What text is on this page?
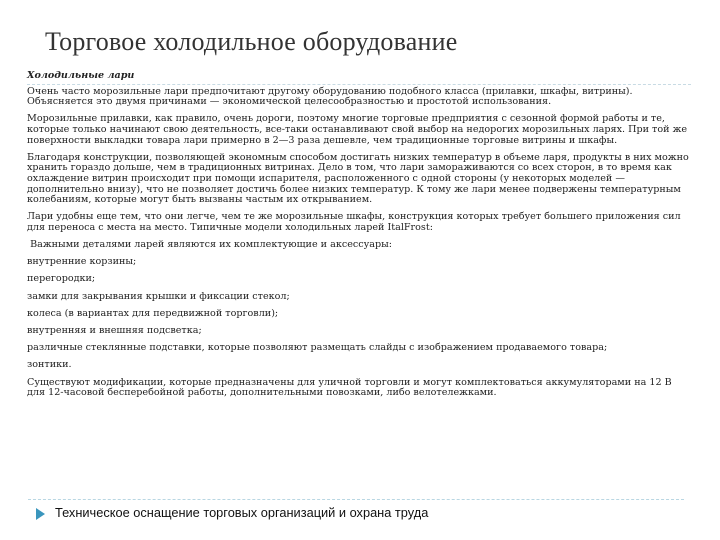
Торговое холодильное оборудование
Холодильные лари

Очень часто морозильные лари предпочитают другому оборудованию подобного класса (прилавки, шкафы, витрины). Объясняется это двумя причинами — экономической целесообразностью и простотой использования.

Морозильные прилавки, как правило, очень дороги, поэтому многие торговые предприятия с сезонной формой работы и те, которые только начинают свою деятельность, все-таки останавливают свой выбор на недорогих морозильных ларях. При той же поверхности выкладки товара лари примерно в 2—3 раза дешевле, чем традиционные торговые витрины и шкафы.

Благодаря конструкции, позволяющей экономным способом достигать низких температур в объеме ларя, продукты в них можно хранить гораздо дольше, чем в традиционных витринах. Дело в том, что лари замораживаются со всех сторон, в то время как охлаждение витрин происходит при помощи испарителя, расположенного с одной стороны (у некоторых моделей — дополнительно внизу), что не позволяет достичь более низких температур. К тому же лари менее подвержены температурным колебаниям, которые могут быть вызваны частым их открыванием.

Лари удобны еще тем, что они легче, чем те же морозильные шкафы, конструкция которых требует большего приложения сил для переноса с места на место. Типичные модели холодильных ларей ItalFrost:

Важными деталями ларей являются их комплектующие и аксессуары:

внутренние корзины;

перегородки;

замки для закрывания крышки и фиксации стекол;

колеса (в вариантах для передвижной торговли);

внутренняя и внешняя подсветка;

различные стеклянные подставки, которые позволяют размещать слайды с изображением продаваемого товара;

зонтики.

Существуют модификации, которые предназначены для уличной торговли и могут комплектоваться аккумуляторами на 12 В для 12-часовой бесперебойной работы, дополнительными повозками, либо велотележками.

Техническое оснащение торговых организаций и охрана труда
